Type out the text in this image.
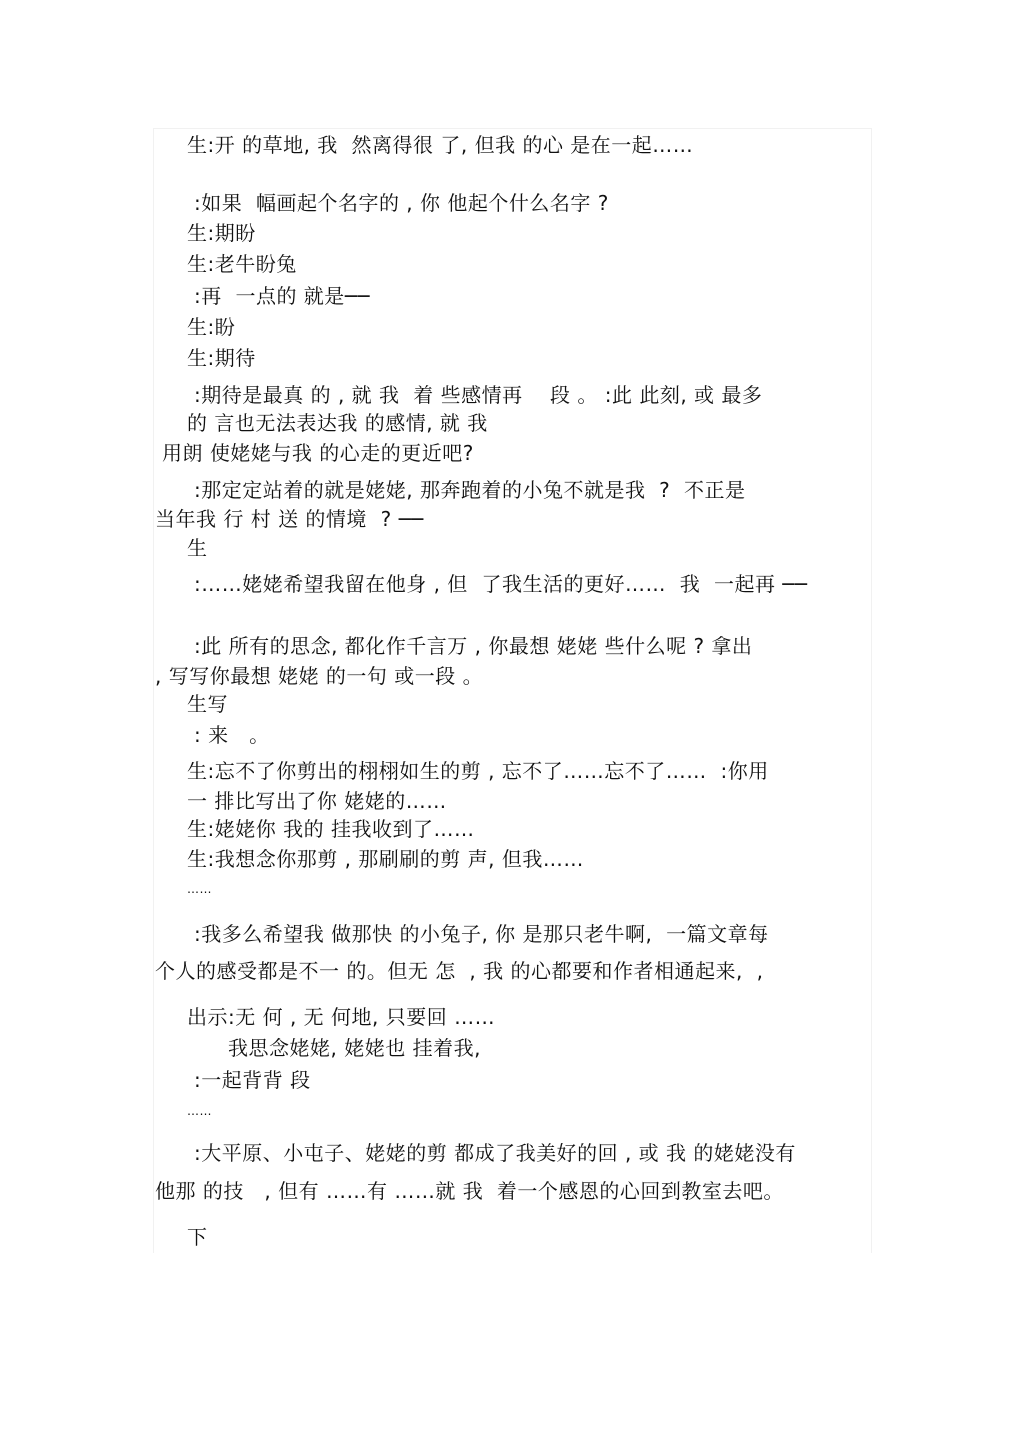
生:开 的草地, 我  然离得很 了, 但我 的心 是在一起……
:如果  幅画起个名字的 , 你 他起个什么名字 ?
生:期盼
生:老牛盼兔
:再  一点的 就是──
生:盼
生:期待
:期待是最真 的 , 就 我  着 些感情再    段 。 :此 此刻, 或 最多
的 言也无法表达我 的感情, 就 我
用朗 使姥姥与我 的心走的更近吧?
:那定定站着的就是姥姥, 那奔跑着的小兔不就是我  ?  不正是
当年我 行 村 送 的情境  ? ──
生
:……姥姥希望我留在他身 , 但  了我生活的更好……  我  一起再 ──
:此 所有的思念, 都化作千言万 , 你最想 姥姥 些什么呢 ? 拿出
, 写写你最想 姥姥 的一句 或一段 。
生写
: 来   。
生:忘不了你剪出的栩栩如生的剪 , 忘不了……忘不了……  :你用
一 排比写出了你 姥姥的……
生:姥姥你 我的 挂我收到了……
生:我想念你那剪 , 那刷刷的剪 声, 但我……
……
:我多么希望我 做那快 的小兔子, 你 是那只老牛啊,  一篇文章每
个人的感受都是不一 的。但无 怎  , 我 的心都要和作者相通起来,  ,
出示:无 何 , 无 何地, 只要回 ……
我思念姥姥, 姥姥也 挂着我,
:一起背背 段
……
:大平原、小屯子、姥姥的剪 都成了我美好的回 , 或 我 的姥姥没有
他那 的技   , 但有 ……有 ……就 我  着一个感恩的心回到教室去吧。
下
